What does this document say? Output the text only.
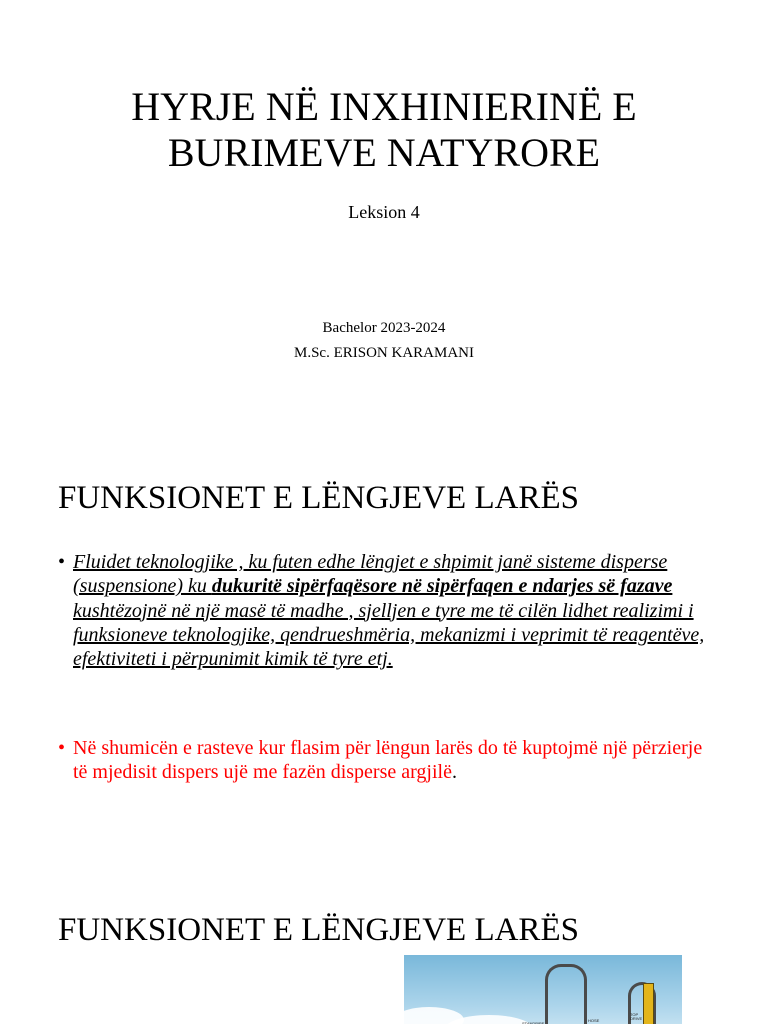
HYRJE NË INXHINIERINË E
BURIMEVE NATYRORE
Leksion 4
Bachelor 2023-2024
M.Sc. ERISON KARAMANI
FUNKSIONET E LËNGJEVE LARËS
• Fluidet teknologjike , ku futen edhe lëngjet e shpimit janë sisteme disperse (suspensione) ku dukuritë sipërfaqësore në sipërfaqen e ndarjes së fazave kushtëzojnë në një masë të madhe , sjelljen e tyre me të cilën lidhet realizimi i funksioneve teknologjike, qendrueshmëria, mekanizmi i veprimit të reagentëve, efektiviteti i përpunimit kimik të tyre etj.
• Në shumicën e rasteve kur flasim për lëngun larës do të kuptojmë një përzierje të mjedisit dispers ujë me fazën disperse argjilë.
FUNKSIONET E LËNGJEVE LARËS
STANDPIPE
HOSE
TOP DRIVE
